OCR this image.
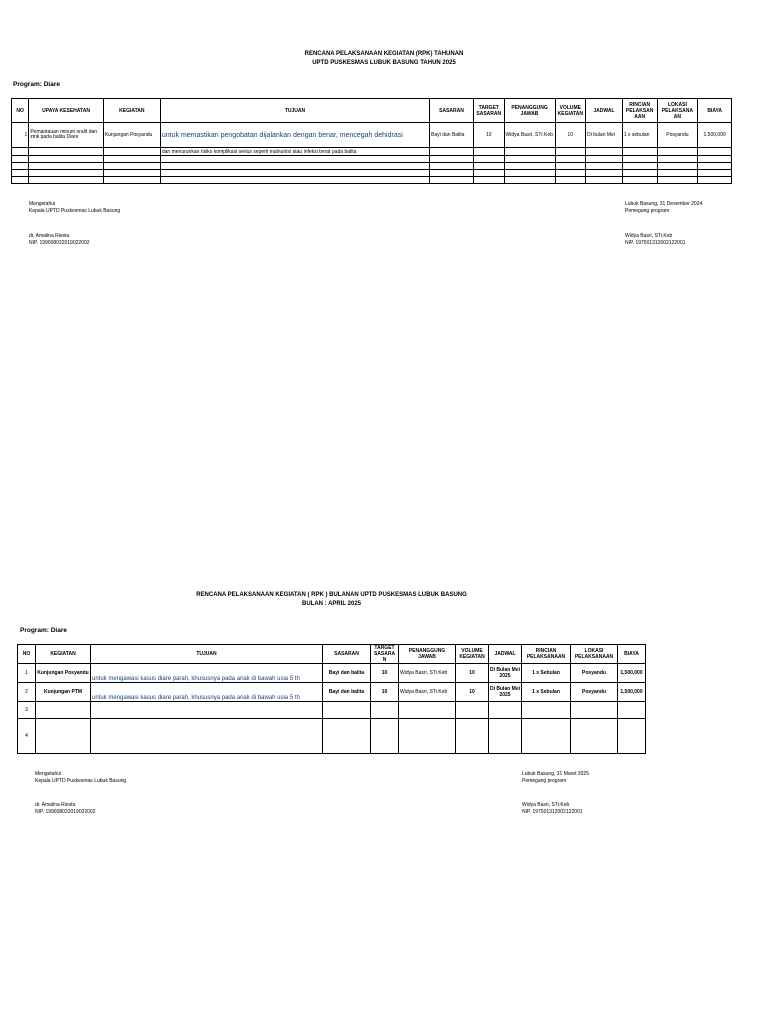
RENCANA PELAKSANAAN KEGIATAN (RPK) TAHUNAN
UPTD PUSKESMAS LUBUK BASUNG TAHUN 2025
Program: Diare
NO	UPAYA KESEHATAN	KEGIATAN	TUJUAN	SASARAN	TARGET SASARAN	PENANGGUNG JAWAB	VOLUME KEGIATAN	JADWAL	RINCIAN PELAKSAN AAN	LOKASI PELAKSANA AN	BIAYA
1	Pemantauan minum oralit dan zink pada balita Diare	Kunjungan Posyandu	untuk memastikan pengobatan dijalankan dengan benar, mencegah dehidrasi	Bayi dan Balita	10	Widya Basri, STr.Keb	10	Di bulan Mei	1 x sebulan	Posyandu	1,500,000
			dan menurunkan risiko komplikasi serius seperti malnutrisi atau infeksi berat pada balita								

Mengetahui
Kepala UPTD Puskesmas Lubuk Basung
dr. Amalina Riesta
NIP. 199008032019022002
Lubuk Basung, 31 Desember 2024
Pemegang program
Widya Basri, STr.Keb
NIP. 197501312002122001
RENCANA PELAKSANAAN KEGIATAN ( RPK ) BULANAN UPTD PUSKESMAS LUBUK BASUNG
BULAN : APRIL 2025
Program: Diare
NO	KEGIATAN	TUJUAN	SASARAN	TARGET SASARA N	PENANGGUNG JAWAB	VOLUME KEGIATAN	JADWAL	RINCIAN PELAKSANAAN	LOKASI PELAKSANAAN	BIAYA
1	Kunjungan Posyandu	untuk mengawasi kasus diare parah, khususnya pada anak di bawah usia 5 th	Bayi dan balita	10	Widya Basri, STr.Keb	10	Di Bulan Mei 2025	1 x Sebulan	Posyandu	1,500,000
2	Kunjungan PTM	untuk mengawasi kasus diare parah, khususnya pada anak di bawah usia 5 th	Bayi dan balita	10	Widya Basri, STr.Keb	10	Di Bulan Mei 2025	1 x Sebulan	Posyandu	1,500,000
3										
4										
Mengetahui
Kepala UPTD Puskesmas Lubuk Basung
dr. Amalina Riesta
NIP. 199008032019022002
Lubuk Basung, 31 Maret 2025
Pemegang program
Widya Basri, STr.Keb
NIP. 197501312002122001
